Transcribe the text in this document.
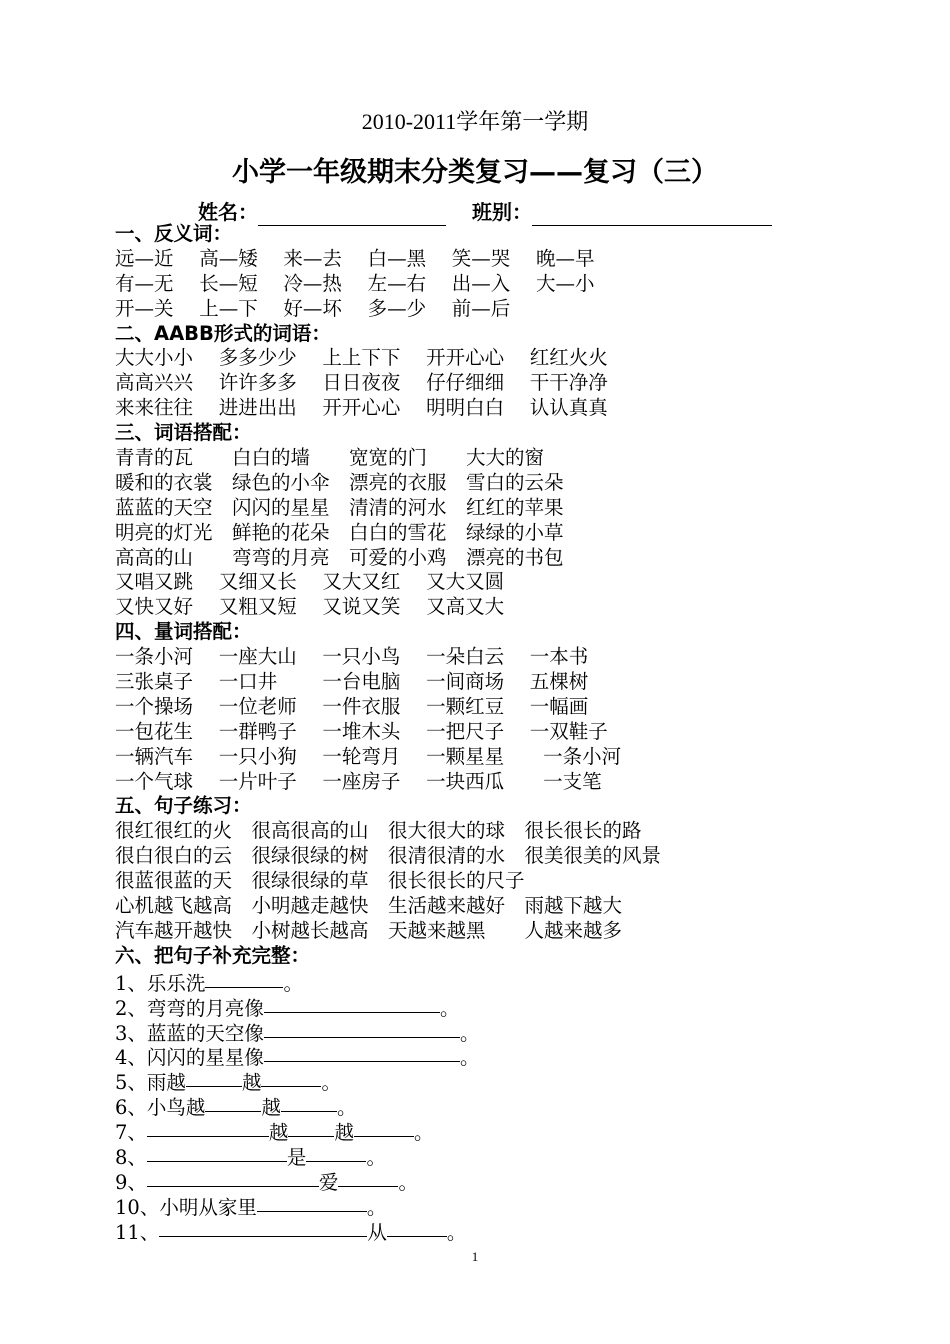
2010-2011学年第一学期
小学一年级期末分类复习——复习（三）
姓名：	班别：
一、反义词：
远—近　 高—矮　 来—去　 白—黑　 笑—哭　 晚—早
有—无　 长—短　 冷—热　 左—右　 出—入　 大—小
开—关　 上—下　 好—坏　 多—少　 前—后
二、AABB形式的词语：
大大小小　 多多少少　 上上下下　 开开心心　 红红火火
高高兴兴　 许许多多　 日日夜夜　 仔仔细细　 干干净净
来来往往　 进进出出　 开开心心　 明明白白　 认认真真
三、词语搭配：
青青的瓦　　白白的墙　　宽宽的门　　大大的窗
暖和的衣裳　绿色的小伞　漂亮的衣服　雪白的云朵
蓝蓝的天空　闪闪的星星　清清的河水　红红的苹果
明亮的灯光　鲜艳的花朵　白白的雪花　绿绿的小草
高高的山　　弯弯的月亮　可爱的小鸡　漂亮的书包
又唱又跳　 又细又长　 又大又红　 又大又圆
又快又好　 又粗又短　 又说又笑　 又高又大
四、量词搭配：
一条小河　 一座大山　 一只小鸟　 一朵白云　 一本书
三张桌子　 一口井　　 一台电脑　 一间商场　 五棵树
一个操场　 一位老师　 一件衣服　 一颗红豆　 一幅画
一包花生　 一群鸭子　 一堆木头　 一把尺子　 一双鞋子
一辆汽车　 一只小狗　 一轮弯月　 一颗星星　　一条小河
一个气球　 一片叶子　 一座房子　 一块西瓜　　一支笔
五、句子练习：
很红很红的火　很高很高的山　很大很大的球　很长很长的路
很白很白的云　很绿很绿的树　很清很清的水　很美很美的风景
很蓝很蓝的天　很绿很绿的草　很长很长的尺子
心机越飞越高　小明越走越快　生活越来越好　雨越下越大
汽车越开越快　小树越长越高　天越来越黑　　人越来越多
六、把句子补充完整：
1、乐乐洗	。
2、弯弯的月亮像	。
3、蓝蓝的天空像	。
4、闪闪的星星像	。
5、雨越	越	。
6、小鸟越	越	。
7、	越 越	。
8、	是	。
9、	爱	。
10、小明从家里	。
11、	从	。
1
